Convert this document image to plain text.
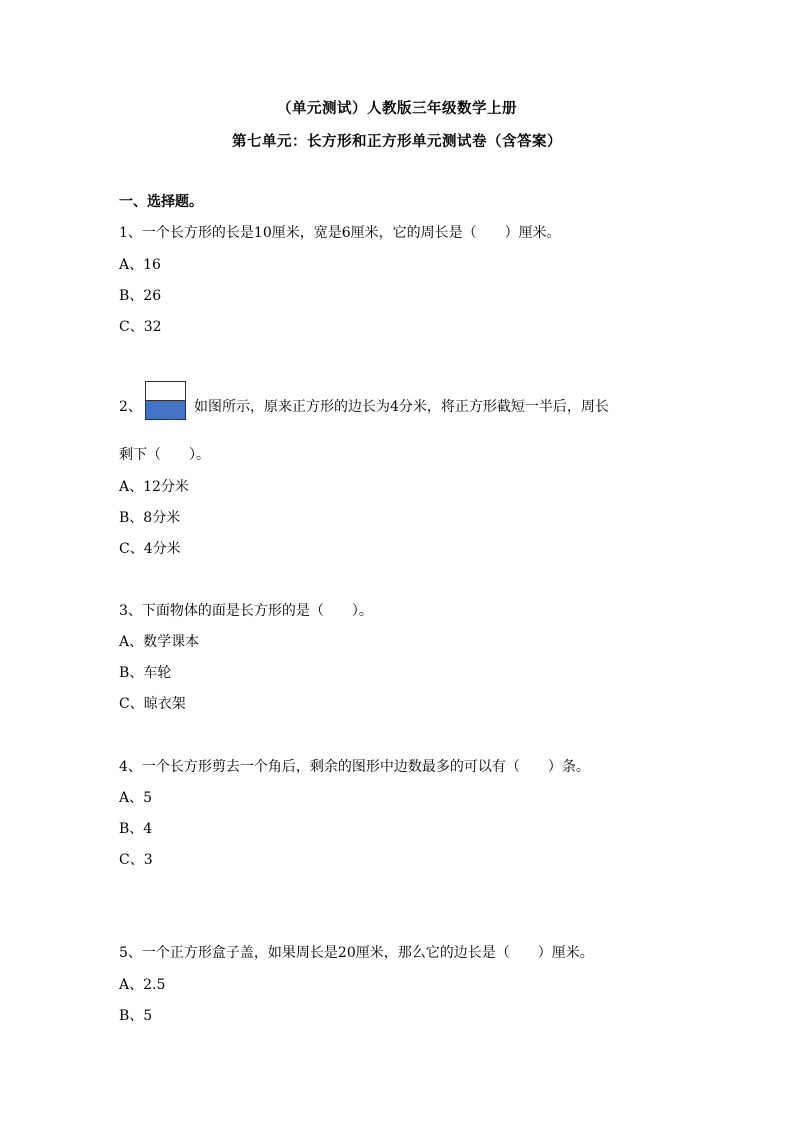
（单元测试）人教版三年级数学上册
第七单元：长方形和正方形单元测试卷（含答案）
一、选择题。
1、一个长方形的长是10厘米，宽是6厘米，它的周长是（　　）厘米。
A、16
B、26
C、32
2、	如图所示，原来正方形的边长为4分米，将正方形截短一半后，周长
剩下（　　）。
A、12分米
B、8分米
C、4分米
3、下面物体的面是长方形的是（　　）。
A、数学课本
B、车轮
C、晾衣架
4、一个长方形剪去一个角后，剩余的图形中边数最多的可以有（　　）条。
A、5
B、4
C、3
5、一个正方形盒子盖，如果周长是20厘米，那么它的边长是（　　）厘米。
A、2.5
B、5
